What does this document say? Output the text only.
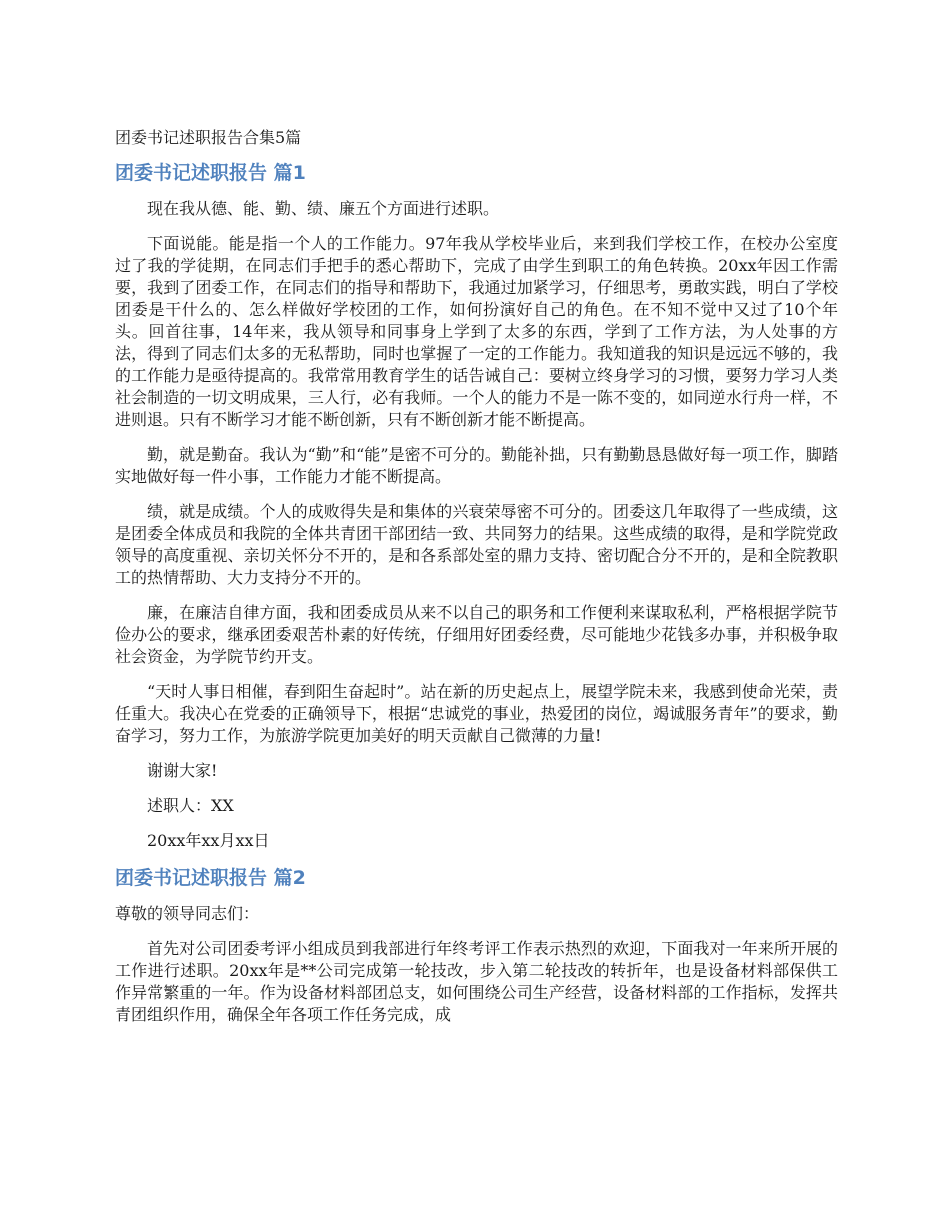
团委书记述职报告合集5篇
团委书记述职报告 篇1

现在我从德、能、勤、绩、廉五个方面进行述职。

下面说能。能是指一个人的工作能力。97年我从学校毕业后，来到我们学校工作，在校办公室度过了我的学徒期，在同志们手把手的悉心帮助下，完成了由学生到职工的角色转换。20xx年因工作需要，我到了团委工作，在同志们的指导和帮助下，我通过加紧学习，仔细思考，勇敢实践，明白了学校团委是干什么的、怎么样做好学校团的工作，如何扮演好自己的角色。在不知不觉中又过了10个年头。回首往事，14年来，我从领导和同事身上学到了太多的东西，学到了工作方法，为人处事的方法，得到了同志们太多的无私帮助，同时也掌握了一定的工作能力。我知道我的知识是远远不够的，我的工作能力是亟待提高的。我常常用教育学生的话告诫自己：要树立终身学习的习惯，要努力学习人类社会制造的一切文明成果，三人行，必有我师。一个人的能力不是一陈不变的，如同逆水行舟一样，不进则退。只有不断学习才能不断创新，只有不断创新才能不断提高。

勤，就是勤奋。我认为“勤”和“能”是密不可分的。勤能补拙，只有勤勤恳恳做好每一项工作，脚踏实地做好每一件小事，工作能力才能不断提高。

绩，就是成绩。个人的成败得失是和集体的兴衰荣辱密不可分的。团委这几年取得了一些成绩，这是团委全体成员和我院的全体共青团干部团结一致、共同努力的结果。这些成绩的取得，是和学院党政领导的高度重视、亲切关怀分不开的，是和各系部处室的鼎力支持、密切配合分不开的，是和全院教职工的热情帮助、大力支持分不开的。

廉，在廉洁自律方面，我和团委成员从来不以自己的职务和工作便利来谋取私利，严格根据学院节俭办公的要求，继承团委艰苦朴素的好传统，仔细用好团委经费，尽可能地少花钱多办事，并积极争取社会资金，为学院节约开支。

“天时人事日相催，春到阳生奋起时”。站在新的历史起点上，展望学院未来，我感到使命光荣，责任重大。我决心在党委的正确领导下，根据“忠诚党的事业，热爱团的岗位，竭诚服务青年”的要求，勤奋学习，努力工作，为旅游学院更加美好的明天贡献自己微薄的力量!

谢谢大家!

述职人：XX

20xx年xx月xx日

团委书记述职报告 篇2

尊敬的领导同志们：

首先对公司团委考评小组成员到我部进行年终考评工作表示热烈的欢迎，下面我对一年来所开展的工作进行述职。20xx年是**公司完成第一轮技改，步入第二轮技改的转折年，也是设备材料部保供工作异常繁重的一年。作为设备材料部团总支，如何围绕公司生产经营，设备材料部的工作指标，发挥共青团组织作用，确保全年各项工作任务完成，成
